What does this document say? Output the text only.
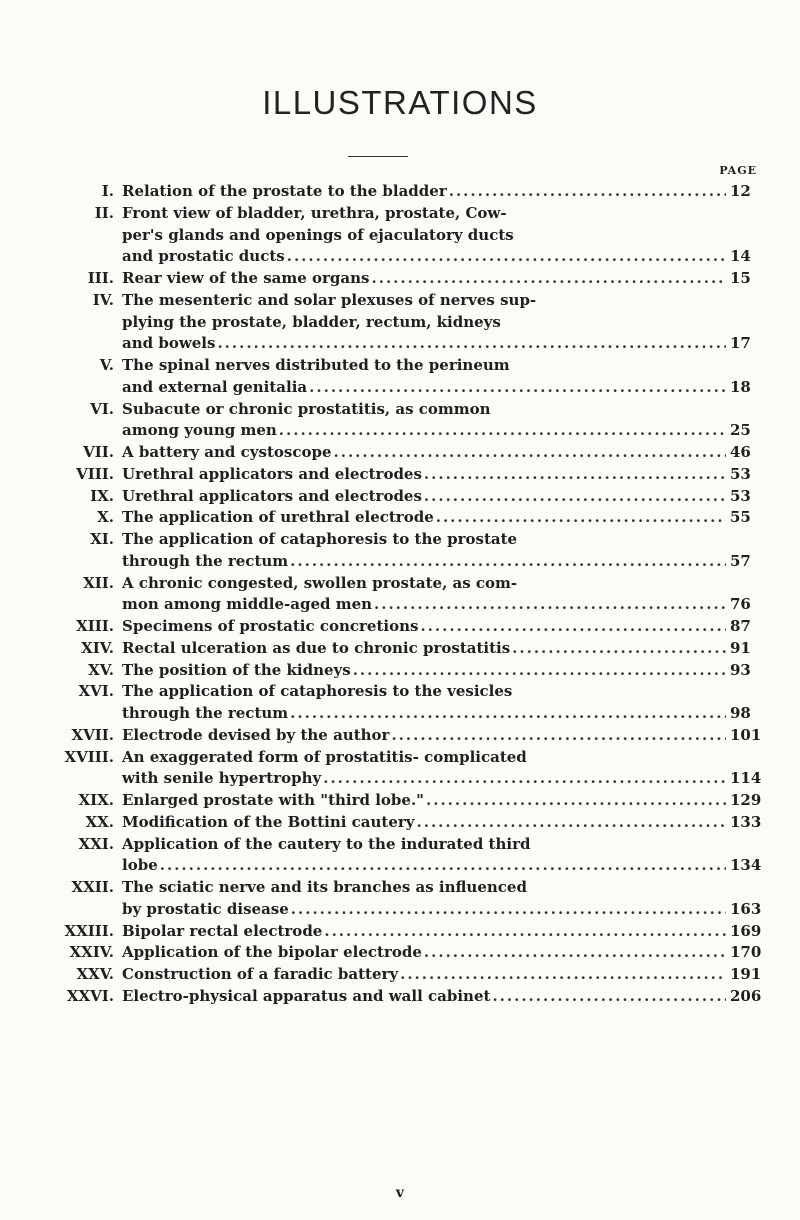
ILLUSTRATIONS
PAGE
I. Relation of the prostate to the bladder .....	12
II. Front view of bladder, urethra, prostate, Cow-
per's glands and openings of ejaculatory ducts
and prostatic ducts .....	14
III. Rear view of the same organs .....	15
IV. The mesenteric and solar plexuses of nerves sup-
plying the prostate, bladder, rectum, kidneys
and bowels .....	17
V. The spinal nerves distributed to the perineum
and external genitalia .....	18
VI. Subacute or chronic prostatitis, as common
among young men .....	25
VII. A battery and cystoscope .....	46
VIII. Urethral applicators and electrodes .....	53
IX. Urethral applicators and electrodes .....	53
X. The application of urethral electrode .....	55
XI. The application of cataphoresis to the prostate
through the rectum .....	57
XII. A chronic congested, swollen prostate, as com-
mon among middle-aged men .....	76
XIII. Specimens of prostatic concretions .....	87
XIV. Rectal ulceration as due to chronic prostatitis .....	91
XV. The position of the kidneys .....	93
XVI. The application of cataphoresis to the vesicles
through the rectum .....	98
XVII. Electrode devised by the author .....	101
XVIII. An exaggerated form of prostatitis- complicated
with senile hypertrophy .....	114
XIX. Enlarged prostate with "third lobe." .....	129
XX. Modification of the Bottini cautery .....	133
XXI. Application of the cautery to the indurated third
lobe .....	134
XXII. The sciatic nerve and its branches as influenced
by prostatic disease .....	163
XXIII. Bipolar rectal electrode .....	169
XXIV. Application of the bipolar electrode .....	170
XXV. Construction of a faradic battery .....	191
XXVI. Electro-physical apparatus and wall cabinet .....	206
v
